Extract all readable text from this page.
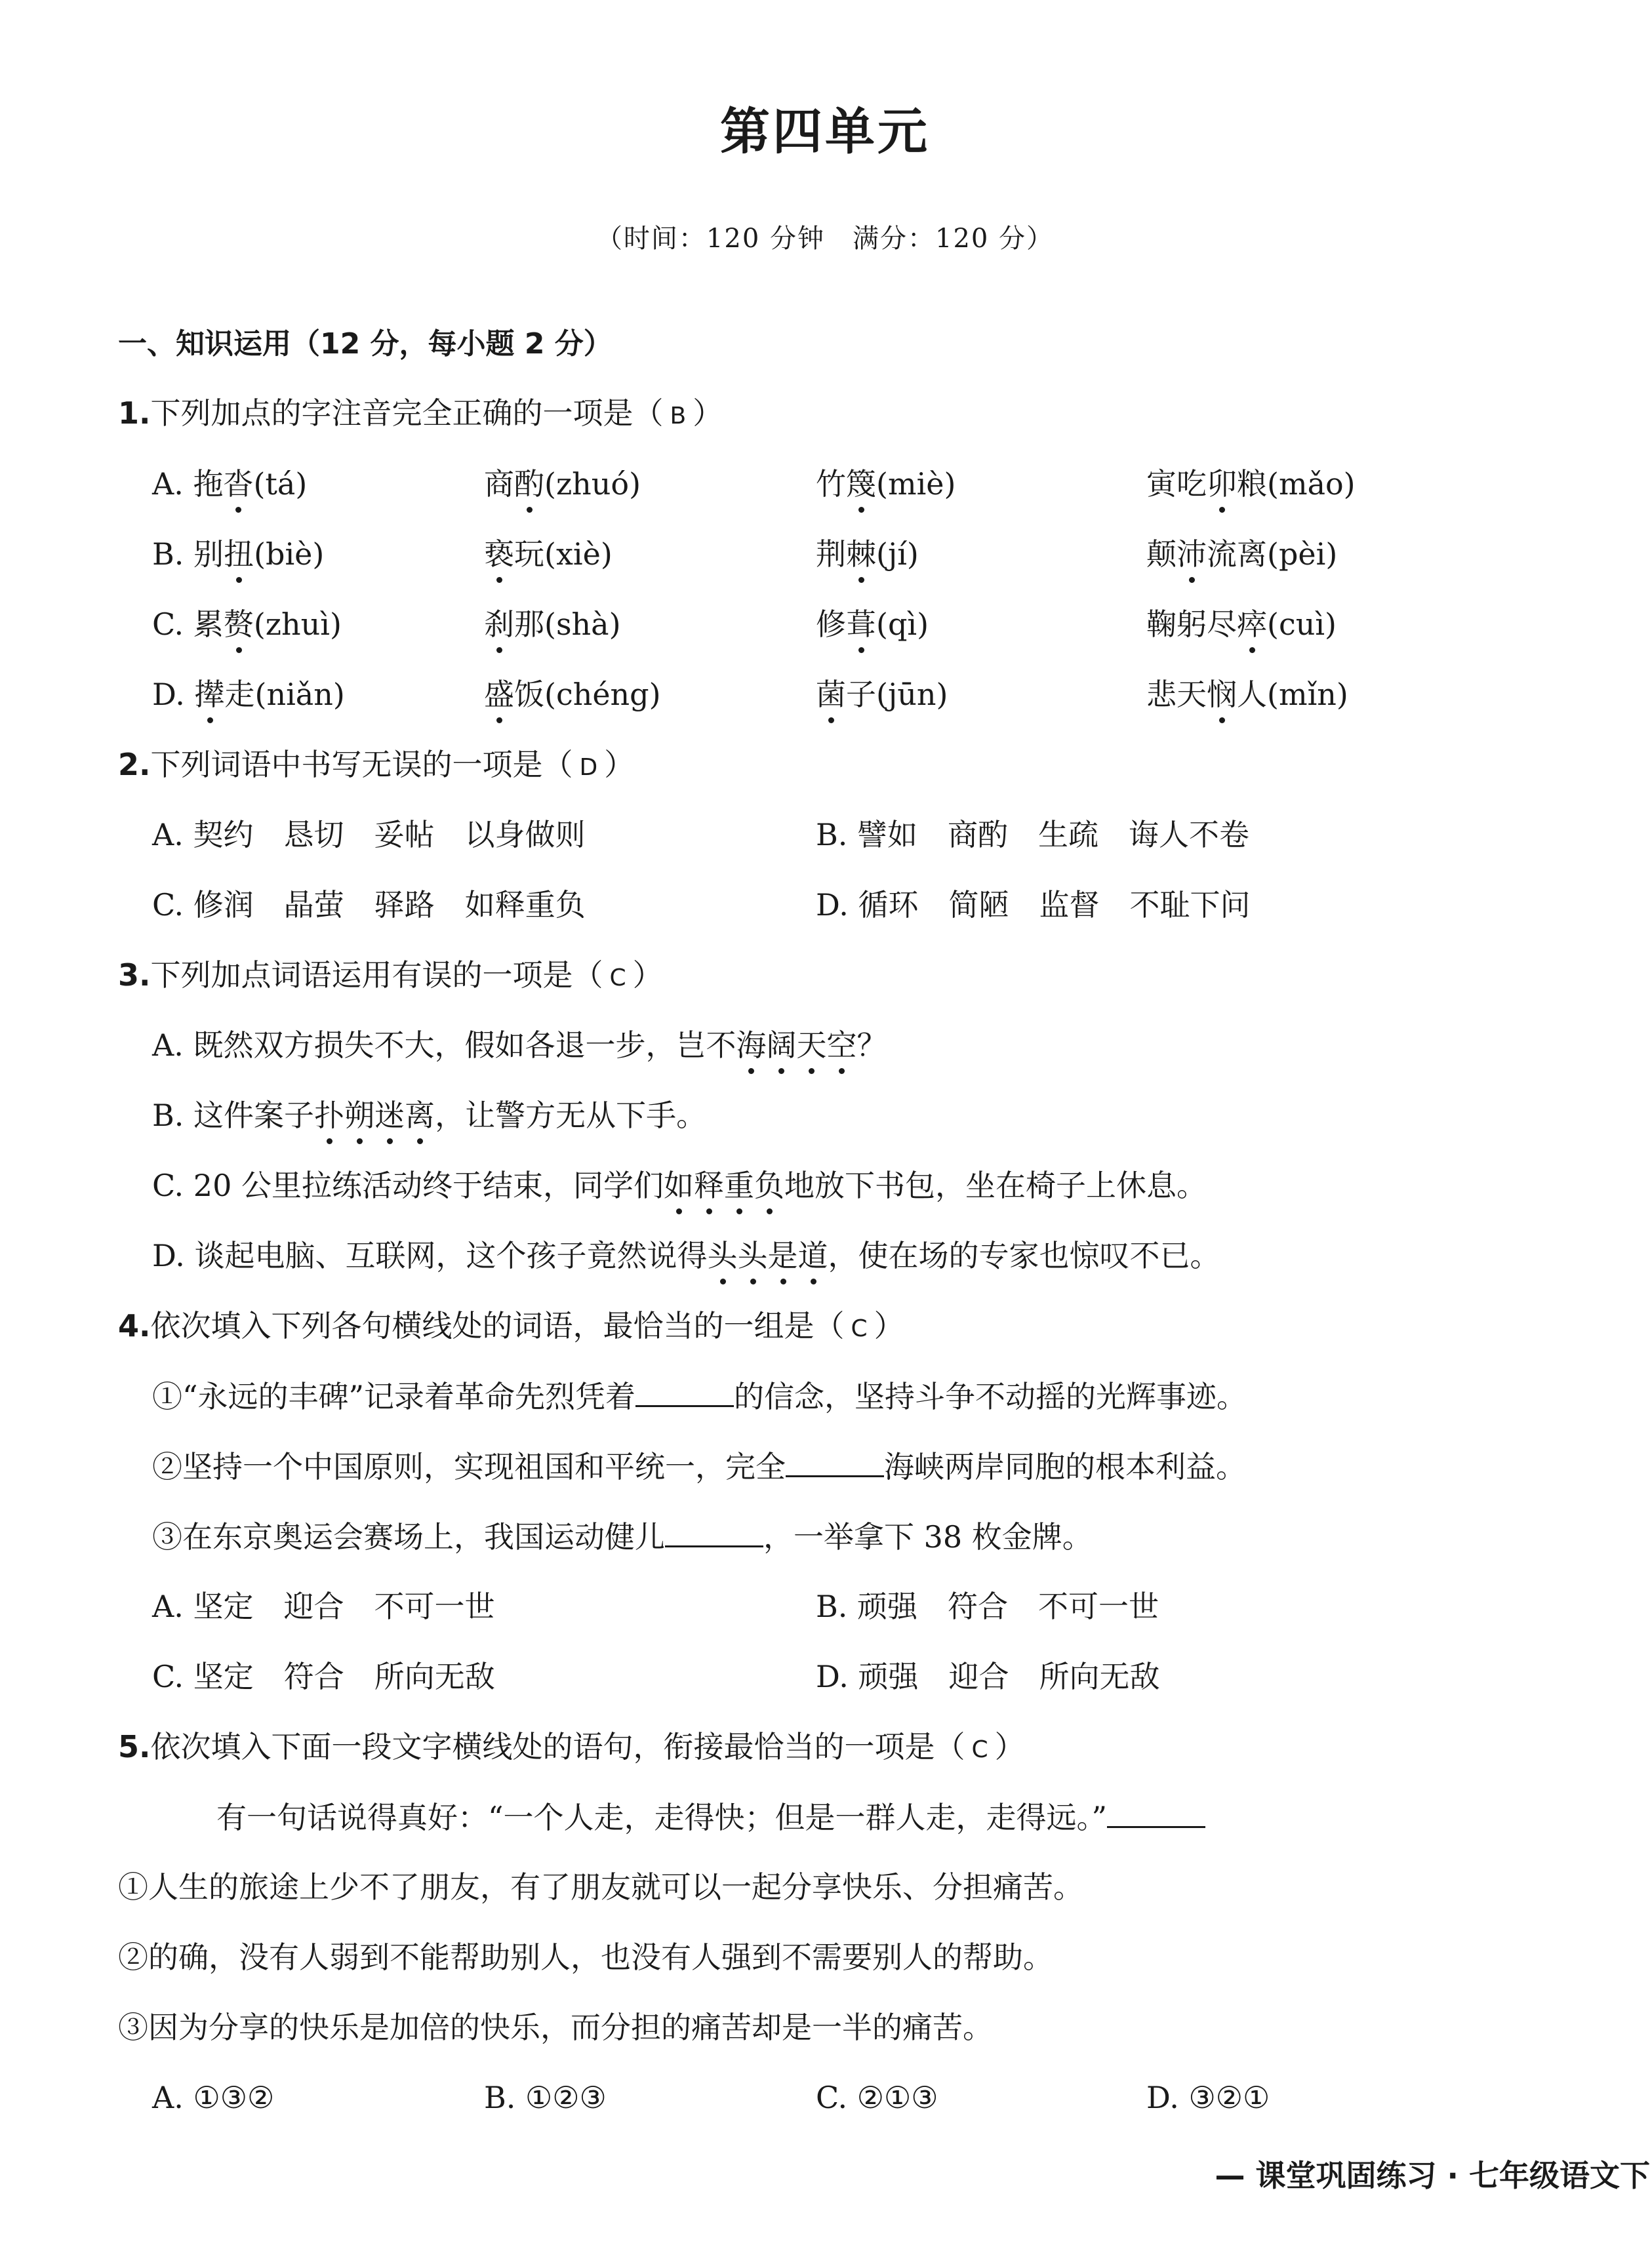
第四单元
（时间：120 分钟　满分：120 分）
一、知识运用（12 分，每小题 2 分）
1.下列加点的字注音完全正确的一项是（ B ）
A. 拖沓(tá)	商酌(zhuó)	竹篾(miè)	寅吃卯粮(mǎo)
B. 别扭(biè)	亵玩(xiè)	荆棘(jí)	颠沛流离(pèi)
C. 累赘(zhuì)	刹那(shà)	修葺(qì)	鞠躬尽瘁(cuì)
D. 撵走(niǎn)	盛饭(chéng)	菌子(jūn)	悲天悯人(mǐn)
2.下列词语中书写无误的一项是（ D ）
A. 契约　恳切　妥帖　以身做则	B. 譬如　商酌　生疏　诲人不卷
C. 修润　晶萤　驿路　如释重负	D. 循环　简陋　监督　不耻下问
3.下列加点词语运用有误的一项是（ C ）
A. 既然双方损失不大，假如各退一步，岂不海阔天空？
B. 这件案子扑朔迷离，让警方无从下手。
C. 20 公里拉练活动终于结束，同学们如释重负地放下书包，坐在椅子上休息。
D. 谈起电脑、互联网，这个孩子竟然说得头头是道，使在场的专家也惊叹不已。
4.依次填入下列各句横线处的词语，最恰当的一组是（ C ）
①“永远的丰碑”记录着革命先烈凭着	的信念，坚持斗争不动摇的光辉事迹。
②坚持一个中国原则，实现祖国和平统一，完全	海峡两岸同胞的根本利益。
③在东京奥运会赛场上，我国运动健儿	，一举拿下 38 枚金牌。
A. 坚定　迎合　不可一世	B. 顽强　符合　不可一世
C. 坚定　符合　所向无敌	D. 顽强　迎合　所向无敌
5.依次填入下面一段文字横线处的语句，衔接最恰当的一项是（ C ）
有一句话说得真好：“一个人走，走得快；但是一群人走，走得远。”
①人生的旅途上少不了朋友，有了朋友就可以一起分享快乐、分担痛苦。
②的确，没有人弱到不能帮助别人，也没有人强到不需要别人的帮助。
③因为分享的快乐是加倍的快乐，而分担的痛苦却是一半的痛苦。
A. ①③②	B. ①②③	C. ②①③	D. ③②①
— 课堂巩固练习 · 七年级语文下
